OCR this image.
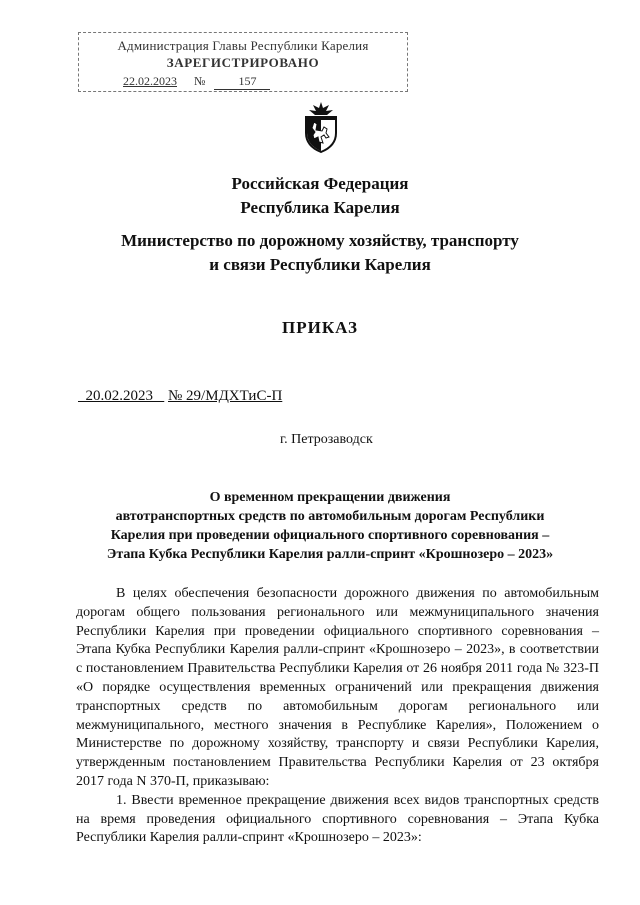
Администрация Главы Республики Карелия
ЗАРЕГИСТРИРОВАНО
22.02.2023 №	157
Российская Федерация
Республика Карелия
Министерство по дорожному хозяйству, транспорту
и связи Республики Карелия
ПРИКАЗ
20.02.2023 № 29/МДХТиС-П
г. Петрозаводск
О временном прекращении движения
автотранспортных средств по автомобильным дорогам Республики
Карелия при проведении официального спортивного соревнования –
Этапа Кубка Республики Карелия ралли-спринт «Крошнозеро – 2023»

В целях обеспечения безопасности дорожного движения по автомобильным дорогам общего пользования регионального или межмуниципального значения Республики Карелия при проведении официального спортивного соревнования – Этапа Кубка Республики Карелия ралли-спринт «Крошнозеро – 2023», в соответствии с постановлением Правительства Республики Карелия от 26 ноября 2011 года № 323-П «О порядке осуществления временных ограничений или прекращения движения транспортных средств по автомобильным дорогам регионального или межмуниципального, местного значения в Республике Карелия», Положением о Министерстве по дорожному хозяйству, транспорту и связи Республики Карелия, утвержденным постановлением Правительства Республики Карелия от 23 октября 2017 года N 370-П, приказываю:

1. Ввести временное прекращение движения всех видов транспортных средств на время проведения официального спортивного соревнования – Этапа Кубка Республики Карелия ралли-спринт «Крошнозеро – 2023»:
